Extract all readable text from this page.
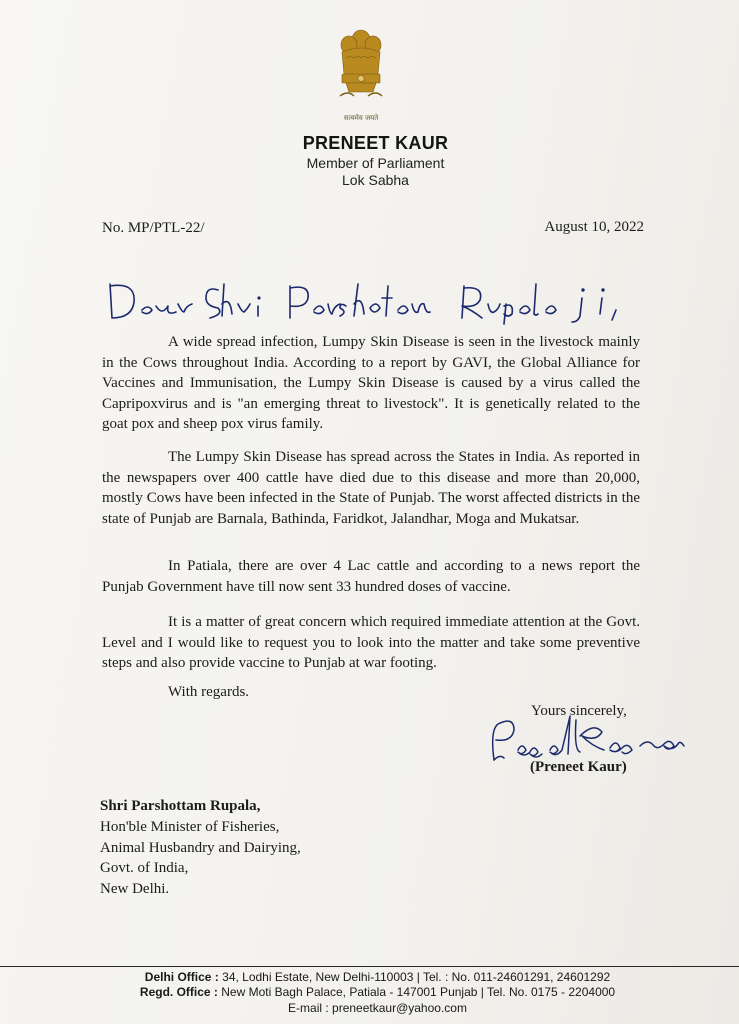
सत्यमेव जयते
PRENEET KAUR
Member of Parliament
Lok Sabha
No. MP/PTL-22/	August 10, 2022

A wide spread infection, Lumpy Skin Disease is seen in the livestock mainly in the Cows throughout India. According to a report by GAVI, the Global Alliance for Vaccines and Immunisation, the Lumpy Skin Disease is caused by a virus called the Capripoxvirus and is "an emerging threat to livestock". It is genetically related to the goat pox and sheep pox virus family.

The Lumpy Skin Disease has spread across the States in India. As reported in the newspapers over 400 cattle have died due to this disease and more than 20,000, mostly Cows have been infected in the State of Punjab. The worst affected districts in the state of Punjab are Barnala, Bathinda, Faridkot, Jalandhar, Moga and Mukatsar.

In Patiala, there are over 4 Lac cattle and according to a news report the Punjab Government have till now sent 33 hundred doses of vaccine.

It is a matter of great concern which required immediate attention at the Govt. Level and I would like to request you to look into the matter and take some preventive steps and also provide vaccine to Punjab at war footing.

With regards.
Yours sincerely,
(Preneet Kaur)
Shri Parshottam Rupala,
Hon'ble Minister of Fisheries,
Animal Husbandry and Dairying,
Govt. of India,
New Delhi.
Delhi Office : 34, Lodhi Estate, New Delhi-110003 | Tel. : No. 011-24601291, 24601292
Regd. Office : New Moti Bagh Palace, Patiala - 147001 Punjab | Tel. No. 0175 - 2204000
E-mail : preneetkaur@yahoo.com
